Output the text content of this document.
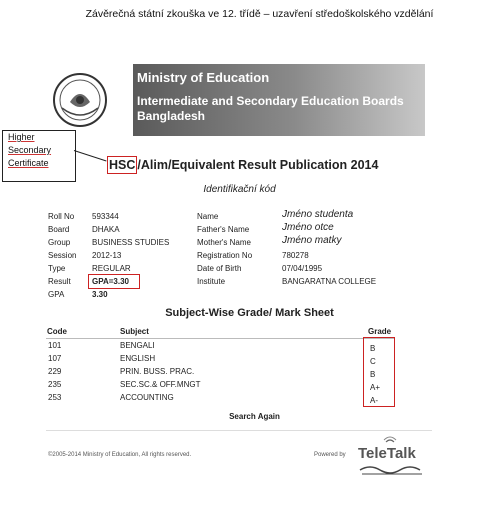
Závěrečná státní zkouška ve 12. třídě – uzavření středoškolského vzdělání
Ministry of Education
Intermediate and Secondary Education Boards
Bangladesh
Higher
Secondary
Certificate	HSC /Alim/Equivalent Result Publication 2014
Identifikační kód
Roll No 593344
Board	DHAKA
Group	BUSINESS STUDIES
Session 2012-13
Type	REGULAR
Result	GPA=3.30
GPA	3.30
Name	Jméno studenta
Father's Name	Jméno otce
Mother's Name	Jméno matky
Registration No	780278
Date of Birth	07/04/1995
Institute	BANGARATNA COLLEGE
Subject-Wise Grade/ Mark Sheet
Code	Subject	Grade
101	BENGALI	B
107	ENGLISH	C
229	PRIN. BUSS. PRAC.	B
235	SEC.SC.& OFF.MNGT	A+
253	ACCOUNTING	A-
Search Again
©2005-2014 Ministry of Education, All rights reserved.	Powered by TeleTalk
